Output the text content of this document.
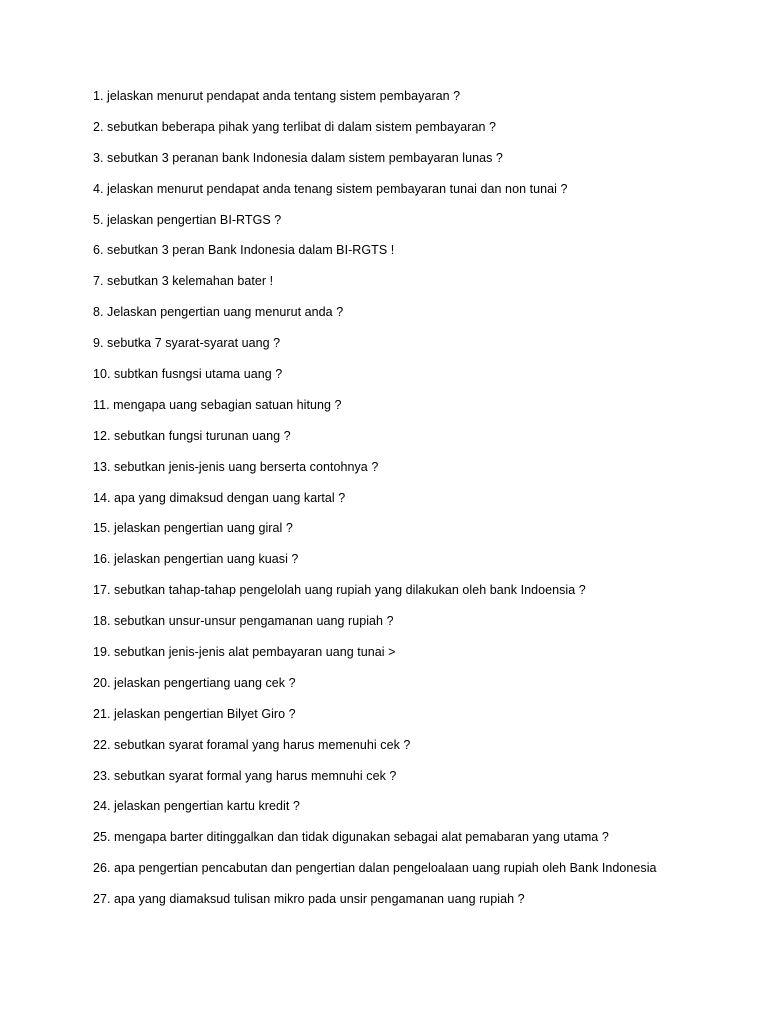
1. jelaskan menurut pendapat anda tentang sistem pembayaran ?
2. sebutkan beberapa pihak yang terlibat di dalam sistem pembayaran ?
3. sebutkan 3 peranan bank Indonesia dalam sistem pembayaran lunas ?
4. jelaskan menurut pendapat anda tenang sistem pembayaran tunai dan non tunai ?
5. jelaskan pengertian BI-RTGS ?
6. sebutkan 3 peran Bank Indonesia dalam BI-RGTS !
7. sebutkan 3 kelemahan bater !
8. Jelaskan pengertian uang menurut anda ?
9. sebutka 7 syarat-syarat uang ?
10. subtkan fusngsi utama uang ?
11. mengapa uang sebagian satuan hitung ?
12. sebutkan fungsi turunan uang ?
13. sebutkan jenis-jenis uang berserta contohnya ?
14. apa yang dimaksud dengan uang kartal ?
15. jelaskan pengertian uang giral ?
16. jelaskan pengertian uang kuasi ?
17. sebutkan tahap-tahap pengelolah uang rupiah yang dilakukan oleh bank Indoensia ?
18. sebutkan unsur-unsur pengamanan uang rupiah ?
19. sebutkan jenis-jenis alat pembayaran uang tunai >
20. jelaskan pengertiang uang cek ?
21. jelaskan pengertian Bilyet Giro ?
22. sebutkan syarat foramal yang harus memenuhi cek ?
23. sebutkan syarat formal yang harus memnuhi cek ?
24. jelaskan pengertian kartu kredit ?
25. mengapa barter ditinggalkan dan tidak digunakan sebagai alat pemabaran yang utama ?
26. apa pengertian pencabutan dan pengertian dalan pengeloalaan uang rupiah oleh Bank Indonesia
27. apa yang diamaksud tulisan mikro pada unsir pengamanan uang rupiah ?
